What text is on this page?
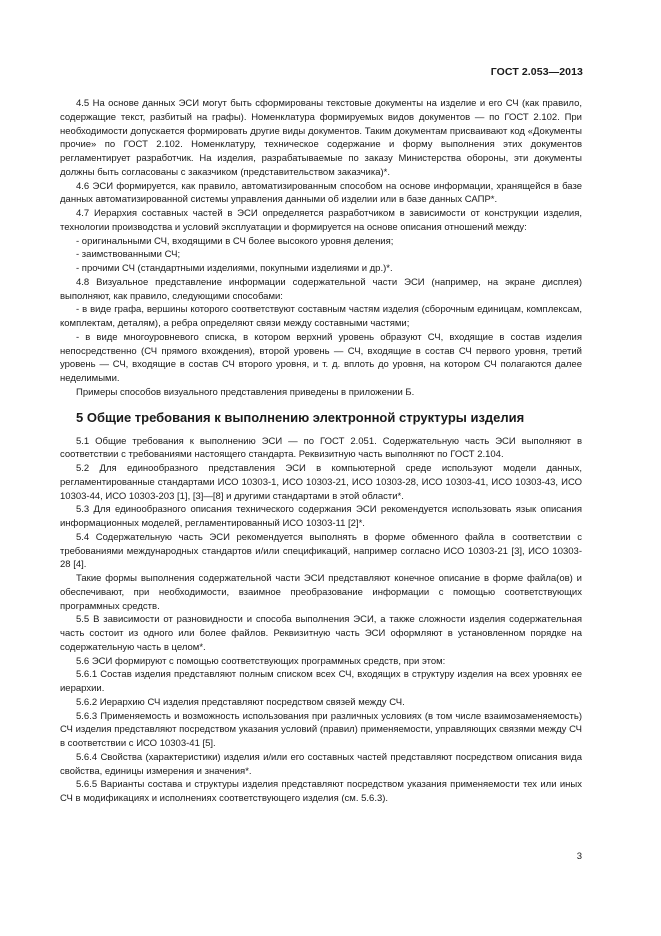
ГОСТ 2.053—2013

4.5 На основе данных ЭСИ могут быть сформированы текстовые документы на изделие и его СЧ (как правило, содержащие текст, разбитый на графы). Номенклатура формируемых видов документов — по ГОСТ 2.102. При необходимости допускается формировать другие виды документов. Таким документам присваивают код «Документы прочие» по ГОСТ 2.102. Номенклатуру, техническое содержание и форму выполнения этих документов регламентирует разработчик. На изделия, разрабатываемые по заказу Министерства обороны, эти документы должны быть согласованы с заказчиком (представительством заказчика)*.

4.6 ЭСИ формируется, как правило, автоматизированным способом на основе информации, хранящейся в базе данных автоматизированной системы управления данными об изделии или в базе данных САПР*.

4.7 Иерархия составных частей в ЭСИ определяется разработчиком в зависимости от конструкции изделия, технологии производства и условий эксплуатации и формируется на основе описания отношений между:

- оригинальными СЧ, входящими в СЧ более высокого уровня деления;

- заимствованными СЧ;

- прочими СЧ (стандартными изделиями, покупными изделиями и др.)*.

4.8 Визуальное представление информации содержательной части ЭСИ (например, на экране дисплея) выполняют, как правило, следующими способами:

- в виде графа, вершины которого соответствуют составным частям изделия (сборочным единицам, комплексам, комплектам, деталям), а ребра определяют связи между составными частями;

- в виде многоуровневого списка, в котором верхний уровень образуют СЧ, входящие в состав изделия непосредственно (СЧ прямого вхождения), второй уровень — СЧ, входящие в состав СЧ первого уровня, третий уровень — СЧ, входящие в состав СЧ второго уровня, и т. д. вплоть до уровня, на котором СЧ полагаются далее неделимыми.

Примеры способов визуального представления приведены в приложении Б.

5 Общие требования к выполнению электронной структуры изделия

5.1 Общие требования к выполнению ЭСИ — по ГОСТ 2.051. Содержательную часть ЭСИ выполняют в соответствии с требованиями настоящего стандарта. Реквизитную часть выполняют по ГОСТ 2.104.

5.2 Для единообразного представления ЭСИ в компьютерной среде используют модели данных, регламентированные стандартами ИСО 10303-1, ИСО 10303-21, ИСО 10303-28, ИСО 10303-41, ИСО 10303-43, ИСО 10303-44, ИСО 10303-203 [1], [3]—[8] и другими стандартами в этой области*.

5.3 Для единообразного описания технического содержания ЭСИ рекомендуется использовать язык описания информационных моделей, регламентированный ИСО 10303-11 [2]*.

5.4 Содержательную часть ЭСИ рекомендуется выполнять в форме обменного файла в соответствии с требованиями международных стандартов и/или спецификаций, например согласно ИСО 10303-21 [3], ИСО 10303-28 [4].

Такие формы выполнения содержательной части ЭСИ представляют конечное описание в форме файла(ов) и обеспечивают, при необходимости, взаимное преобразование информации с помощью соответствующих программных средств.

5.5 В зависимости от разновидности и способа выполнения ЭСИ, а также сложности изделия содержательная часть состоит из одного или более файлов. Реквизитную часть ЭСИ оформляют в установленном порядке на содержательную часть в целом*.

5.6 ЭСИ формируют с помощью соответствующих программных средств, при этом:

5.6.1 Состав изделия представляют полным списком всех СЧ, входящих в структуру изделия на всех уровнях ее иерархии.

5.6.2 Иерархию СЧ изделия представляют посредством связей между СЧ.

5.6.3 Применяемость и возможность использования при различных условиях (в том числе взаимозаменяемость) СЧ изделия представляют посредством указания условий (правил) применяемости, управляющих связями между СЧ в соответствии с ИСО 10303-41 [5].

5.6.4 Свойства (характеристики) изделия и/или его составных частей представляют посредством описания вида свойства, единицы измерения и значения*.

5.6.5 Варианты состава и структуры изделия представляют посредством указания применяемости тех или иных СЧ в модификациях и исполнениях соответствующего изделия (см. 5.6.3).

3
